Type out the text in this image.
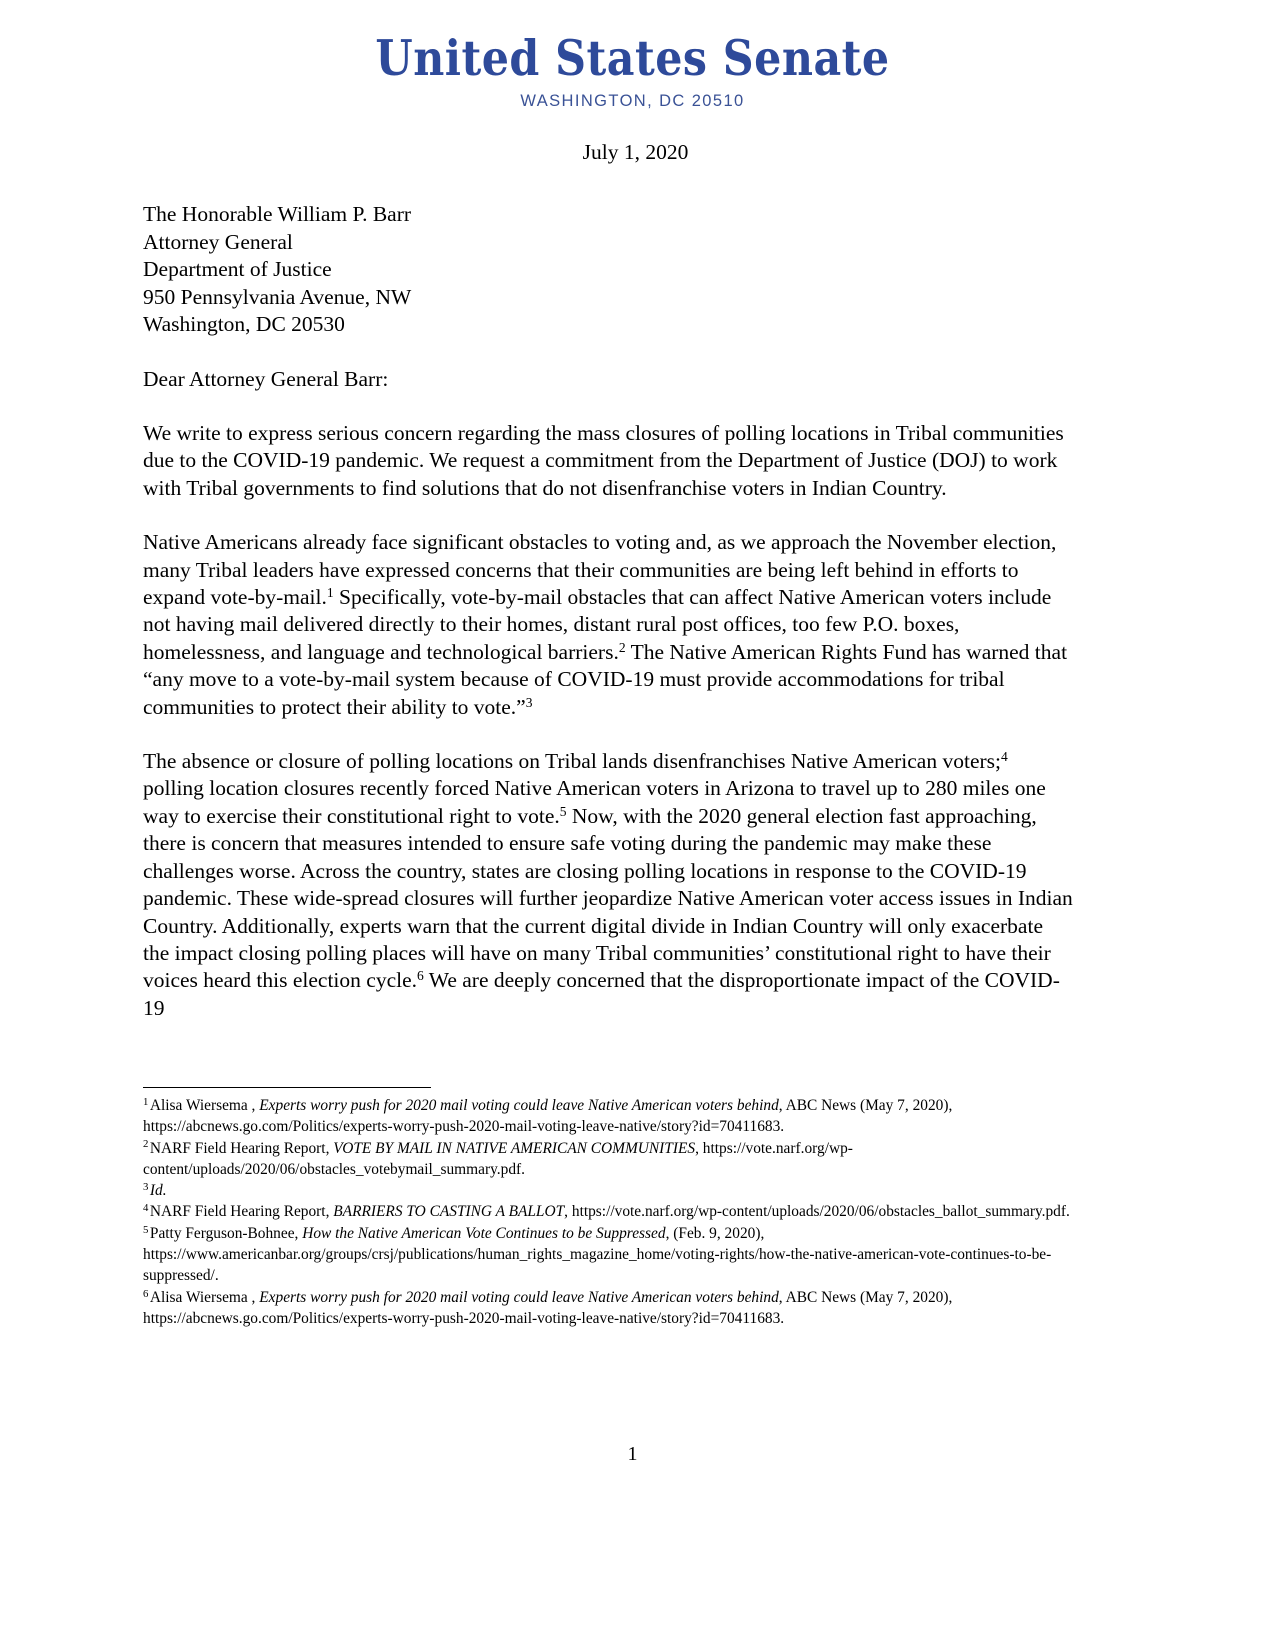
United States Senate
WASHINGTON, DC 20510
July 1, 2020
The Honorable William P. Barr
Attorney General
Department of Justice
950 Pennsylvania Avenue, NW
Washington, DC 20530
Dear Attorney General Barr:

We write to express serious concern regarding the mass closures of polling locations in Tribal communities due to the COVID-19 pandemic. We request a commitment from the Department of Justice (DOJ) to work with Tribal governments to find solutions that do not disenfranchise voters in Indian Country.

Native Americans already face significant obstacles to voting and, as we approach the November election, many Tribal leaders have expressed concerns that their communities are being left behind in efforts to expand vote-by-mail.$^1$ Specifically, vote-by-mail obstacles that can affect Native American voters include not having mail delivered directly to their homes, distant rural post offices, too few P.O. boxes, homelessness, and language and technological barriers.$^2$ The Native American Rights Fund has warned that “any move to a vote-by-mail system because of COVID-19 must provide accommodations for tribal communities to protect their ability to vote.”$^3$

The absence or closure of polling locations on Tribal lands disenfranchises Native American voters;$^4$ polling location closures recently forced Native American voters in Arizona to travel up to 280 miles one way to exercise their constitutional right to vote.$^5$ Now, with the 2020 general election fast approaching, there is concern that measures intended to ensure safe voting during the pandemic may make these challenges worse. Across the country, states are closing polling locations in response to the COVID-19 pandemic. These wide-spread closures will further jeopardize Native American voter access issues in Indian Country. Additionally, experts warn that the current digital divide in Indian Country will only exacerbate the impact closing polling places will have on many Tribal communities’ constitutional right to have their voices heard this election cycle.$^6$ We are deeply concerned that the disproportionate impact of the COVID-19

$^1$Alisa Wiersema , Experts worry push for 2020 mail voting could leave Native American voters behind, ABC News (May 7, 2020), https://abcnews.go.com/Politics/experts-worry-push-2020-mail-voting-leave-native/story?id=70411683.

$^2$NARF Field Hearing Report, VOTE BY MAIL IN NATIVE AMERICAN COMMUNITIES, https://vote.narf.org/wp-content/uploads/2020/06/obstacles_votebymail_summary.pdf.

$^3$Id.

$^4$NARF Field Hearing Report, BARRIERS TO CASTING A BALLOT, https://vote.narf.org/wp-content/uploads/2020/06/obstacles_ballot_summary.pdf.

$^5$Patty Ferguson-Bohnee, How the Native American Vote Continues to be Suppressed, (Feb. 9, 2020), https://www.americanbar.org/groups/crsj/publications/human_rights_magazine_home/voting-rights/how-the-native-american-vote-continues-to-be-suppressed/.

$^6$Alisa Wiersema , Experts worry push for 2020 mail voting could leave Native American voters behind, ABC News (May 7, 2020), https://abcnews.go.com/Politics/experts-worry-push-2020-mail-voting-leave-native/story?id=70411683.

1
